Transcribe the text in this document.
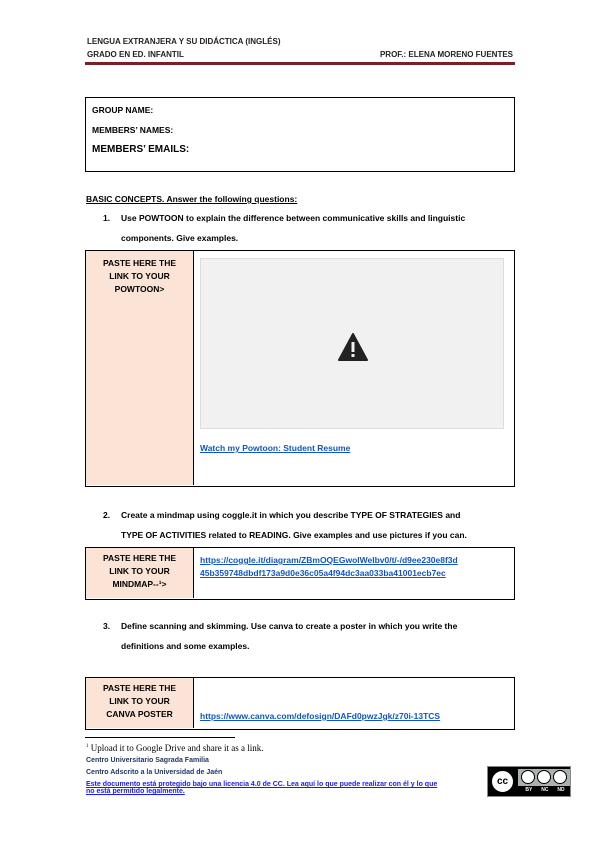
LENGUA EXTRANJERA Y SU DIDÁCTICA (INGLÉS)
GRADO EN ED. INFANTIL	PROF.: ELENA MORENO FUENTES
GROUP NAME:
MEMBERS’ NAMES:
MEMBERS’ EMAILS:
BASIC CONCEPTS. Answer the following questions:
1. Use POWTOON to explain the difference between communicative skills and linguistic
components. Give examples.
PASTE HERE THE
LINK TO YOUR
POWTOON>
Watch my Powtoon: Student Resume
2. Create a mindmap using coggle.it in which you describe TYPE OF STRATEGIES and
TYPE OF ACTIVITIES related to READING. Give examples and use pictures if you can.
PASTE HERE THE
LINK TO YOUR
MINDMAP--¹>
https://coggle.it/diagram/ZBmOQEGwolWelbv0/t/-/d9ee230e8f3d
45b359748dbdf173a9d0e36c05a4f94dc3aa033ba41001ecb7ec
3. Define scanning and skimming. Use canva to create a poster in which you write the
definitions and some examples.
PASTE HERE THE
LINK TO YOUR
CANVA POSTER	https://www.canva.com/defosign/DAFd0pwzJgk/z70i-13TCS
$^1$ Upload it to Google Drive and share it as a link.
Centro Universitario Sagrada Familia
Centro Adscrito a la Universidad de Jaén
Este documento está protegido bajo una licencia 4.0 de CC. Lea aquí lo que puede realizar con él y lo que
no está permitido legalmente.
cc
BY NC ND
